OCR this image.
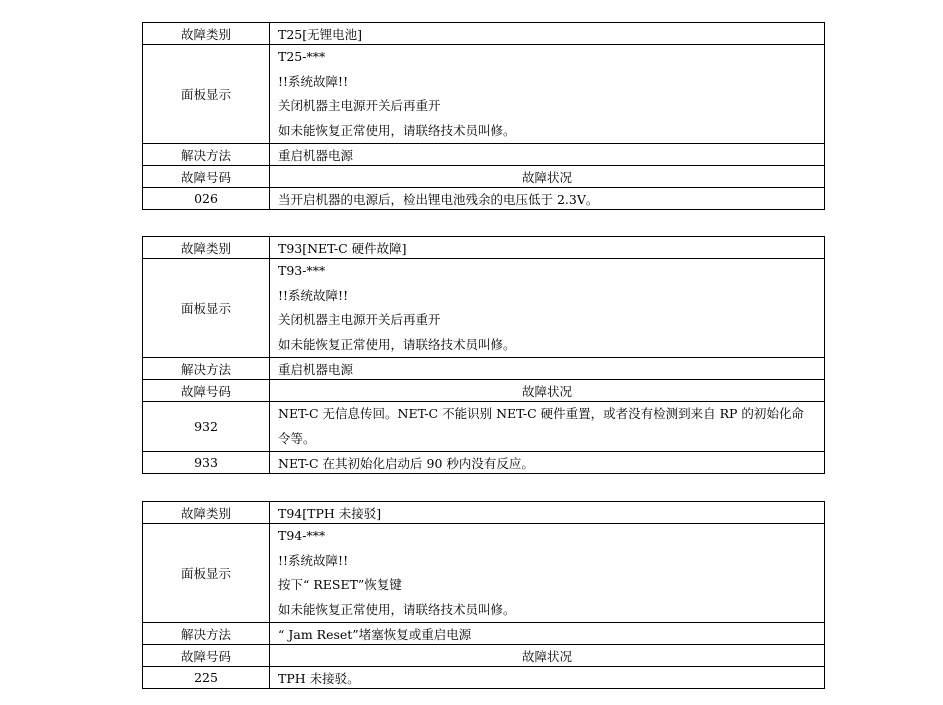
故障类别	T25[无锂电池]
面板显示	T25-***
!!系统故障!!
关闭机器主电源开关后再重开
如未能恢复正常使用，请联络技术员叫修。

解决方法	重启机器电源
故障号码	故障状况
026	当开启机器的电源后，检出锂电池残余的电压低于 2.3V。
故障类别	T93[NET-C 硬件故障]
面板显示	T93-***
!!系统故障!!
关闭机器主电源开关后再重开
如未能恢复正常使用，请联络技术员叫修。

解决方法	重启机器电源
故障号码	故障状况
932	NET-C 无信息传回。NET-C 不能识别 NET-C 硬件重置，或者没有检测到来自 RP 的初始化命令等。

933	NET-C 在其初始化启动后 90 秒内没有反应。
故障类别	T94[TPH 未接驳]
面板显示	T94-***
!!系统故障!!
按下“ RESET”恢复键
如未能恢复正常使用，请联络技术员叫修。

解决方法	“ Jam Reset”堵塞恢复或重启电源
故障号码	故障状况
225	TPH 未接驳。
